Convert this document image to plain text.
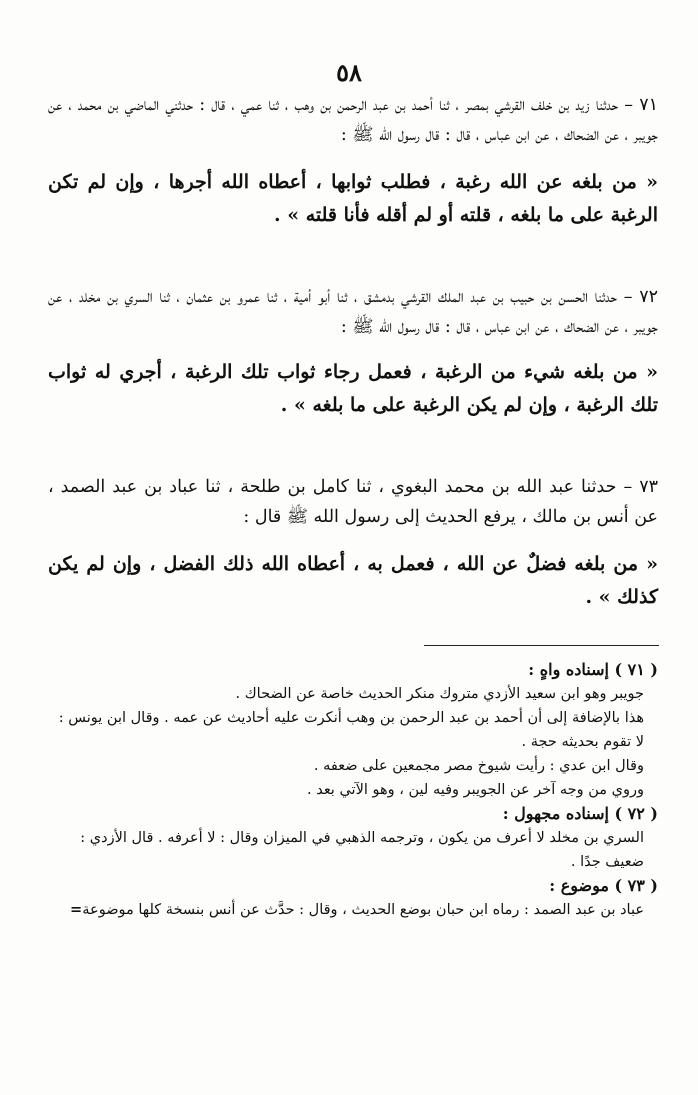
٥٨

٧١ – حدثنا زيد بن خلف القرشي بمصر ، ثنا أحمد بن عبد الرحمن بن وهب ، ثنا عمي ، قال : حدثني الماضي بن محمد ، عن جويبر ، عن الضحاك ، عن ابن عباس ، قال : قال رسول الله ﷺ :

« من بلغه عن الله رغبة ، فطلب ثوابها ، أعطاه الله أجرها ، وإن لم تكن الرغبة على ما بلغه ، قلته أو لم أقله فأنا قلته » .

٧٢ – حدثنا الحسن بن حبيب بن عبد الملك القرشي بدمشق ، ثنا أبو أمية ، ثنا عمرو بن عثمان ، ثنا السري بن مخلد ، عن جويبر ، عن الضحاك ، عن ابن عباس ، قال : قال رسول الله ﷺ :

« من بلغه شيء من الرغبة ، فعمل رجاء ثواب تلك الرغبة ، أجري له ثواب تلك الرغبة ، وإن لم يكن الرغبة على ما بلغه » .

٧٣ – حدثنا عبد الله بن محمد البغوي ، ثنا كامل بن طلحة ، ثنا عباد بن عبد الصمد ، عن أنس بن مالك ، يرفع الحديث إلى رسول الله ﷺ قال :

« من بلغه فضلٌ عن الله ، فعمل به ، أعطاه الله ذلك الفضل ، وإن لم يكن كذلك » .

( ٧١ ) إسناده واهٍ :

جويبر وهو ابن سعيد الأزدي متروك منكر الحديث خاصة عن الضحاك .

هذا بالإضافة إلى أن أحمد بن عبد الرحمن بن وهب أنكرت عليه أحاديث عن عمه . وقال ابن يونس : لا تقوم بحديثه حجة .

وقال ابن عدي : رأيت شيوخ مصر مجمعين على ضعفه .

وروي من وجه آخر عن الجويبر وفيه لين ، وهو الآتي بعد .

( ٧٢ ) إسناده مجهول :

السري بن مخلد لا أعرف من يكون ، وترجمه الذهبي في الميزان وقال : لا أعرفه . قال الأزدي : ضعيف جدًا .

( ٧٣ ) موضوع :

عباد بن عبد الصمد : رماه ابن حبان بوضع الحديث ، وقال : حدَّث عن أنس بنسخة كلها موضوعة

=
